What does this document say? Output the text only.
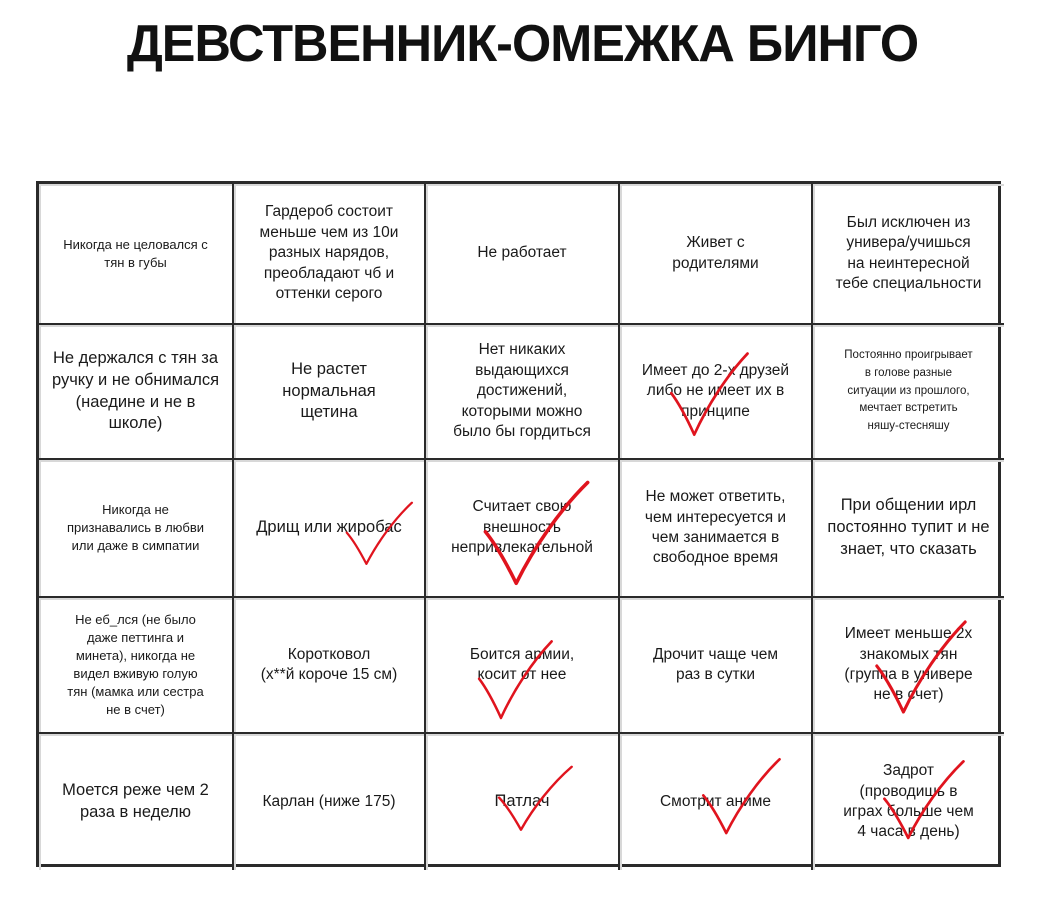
ДЕВСТВЕННИК-ОМЕЖКА БИНГО
Никогда не целовался с
тян в губы
Гардероб состоит
меньше чем из 10и
разных нарядов,
преобладают чб и
оттенки серого
Не работает
Живет с
родителями
Был исключен из
универа/учишься
на неинтересной
тебе специальности
Не держался с тян за
ручку и не обнимался
(наедине и не в
школе)
Не растет
нормальная
щетина
Нет никаких
выдающихся
достижений,
которыми можно
было бы гордиться
Имеет до 2-х друзей
либо не имеет их в
принципе
Постоянно проигрывает
в голове разные
ситуации из прошлого,
мечтает встретить
няшу-стесняшу
Никогда не
признавались в любви
или даже в симпатии
Дрищ или жиробас
Считает свою
внешность
непривлекательной
Не может ответить,
чем интересуется и
чем занимается в
свободное время
При общении ирл
постоянно тупит и не
знает, что сказать
Не еб_лся (не было
даже петтинга и
минета), никогда не
видел вживую голую
тян (мамка или сестра
не в счет)
Коротковол
(х**й короче 15 см)
Боится армии,
косит от нее
Дрочит чаще чем
раз в сутки
Имеет меньше 2х
знакомых тян
(группа в универе
не в счет)
Моется реже чем 2
раза в неделю
Карлан (ниже 175)	Патлач	Смотрит аниме
Задрот
(проводишь в
играх больше чем
4 часа в день)
